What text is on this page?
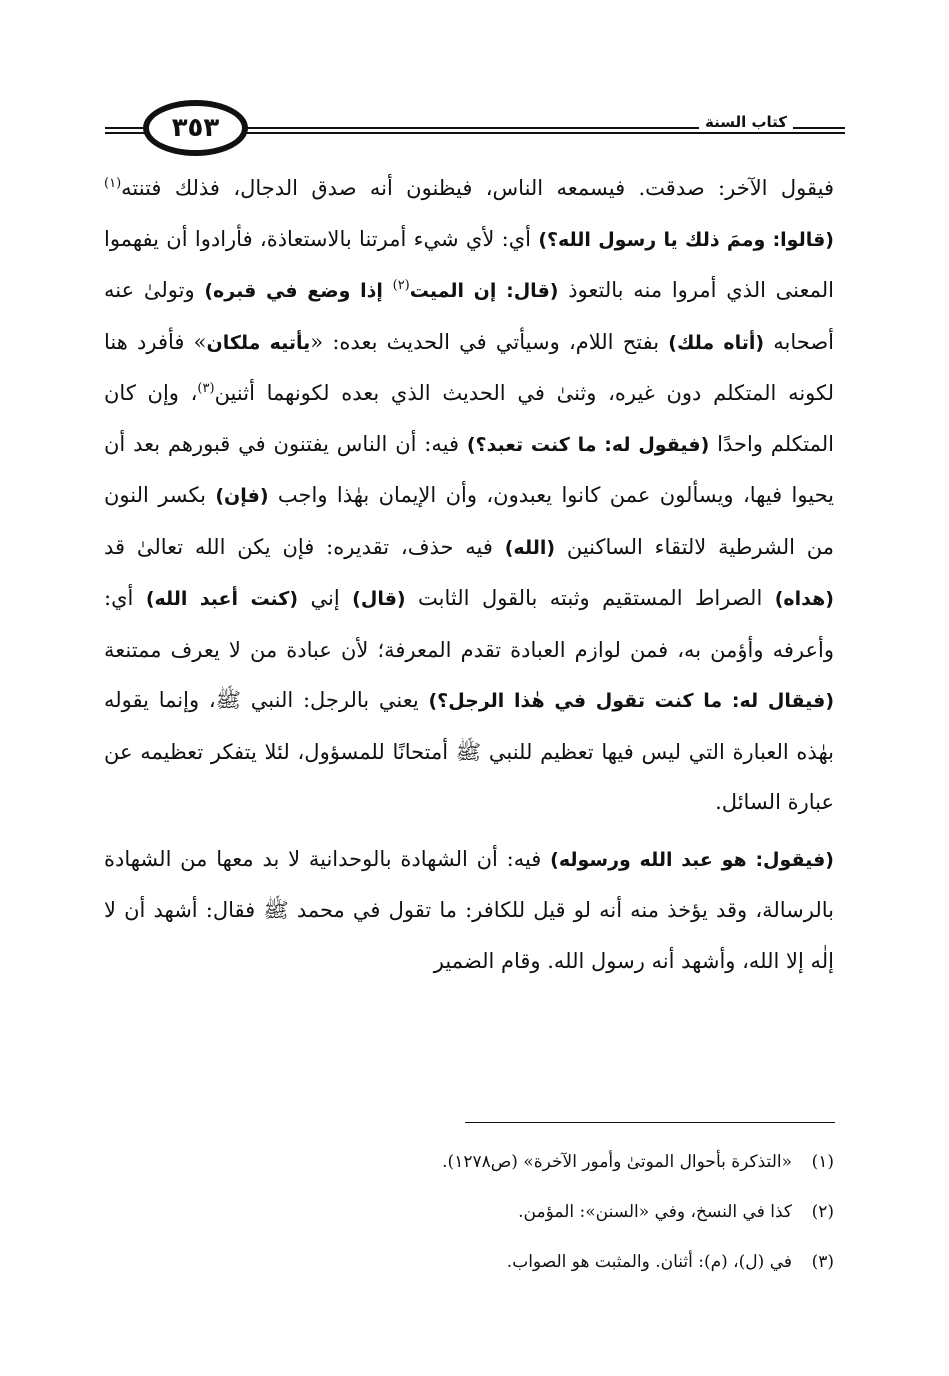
٣٥٣	كتاب السنة

فيقول الآخر: صدقت. فيسمعه الناس، فيظنون أنه صدق الدجال، فذلك فتنته$^{(١)}$ (قالوا: وممَ ذلك يا رسول الله؟) أي: لأي شيء أمرتنا بالاستعاذة، فأرادوا أن يفهموا المعنى الذي أمروا منه بالتعوذ (قال: إن الميت$^{(٢)}$ إذا وضع في قبره) وتولىٰ عنه أصحابه (أتاه ملك) بفتح اللام، وسيأتي في الحديث بعده: «يأتيه ملكان» فأفرد هنا لكونه المتكلم دون غيره، وثنىٰ في الحديث الذي بعده لكونهما أثنين$^{(٣)}$، وإن كان المتكلم واحدًا (فيقول له: ما كنت تعبد؟) فيه: أن الناس يفتنون في قبورهم بعد أن يحيوا فيها، ويسألون عمن كانوا يعبدون، وأن الإيمان بهٰذا واجب (فإن) بكسر النون من الشرطية لالتقاء الساكنين (الله) فيه حذف، تقديره: فإن يكن الله تعالىٰ قد (هداه) الصراط المستقيم وثبته بالقول الثابت (قال) إني (كنت أعبد الله) أي: وأعرفه وأؤمن به، فمن لوازم العبادة تقدم المعرفة؛ لأن عبادة من لا يعرف ممتنعة (فيقال له: ما كنت تقول في هٰذا الرجل؟) يعني بالرجل: النبي ﷺ، وإنما يقوله بهٰذه العبارة التي ليس فيها تعظيم للنبي ﷺ أمتحانًا للمسؤول، لئلا يتفكر تعظيمه عن عبارة السائل.

(فيقول: هو عبد الله ورسوله) فيه: أن الشهادة بالوحدانية لا بد معها من الشهادة بالرسالة، وقد يؤخذ منه أنه لو قيل للكافر: ما تقول في محمد ﷺ فقال: أشهد أن لا إلٰه إلا الله، وأشهد أنه رسول الله. وقام الضمير

(١)«التذكرة بأحوال الموتىٰ وأمور الآخرة» (ص١٢٧٨).

(٢)كذا في النسخ، وفي «السنن»: المؤمن.

(٣)في (ل)، (م): أثنان. والمثبت هو الصواب.
